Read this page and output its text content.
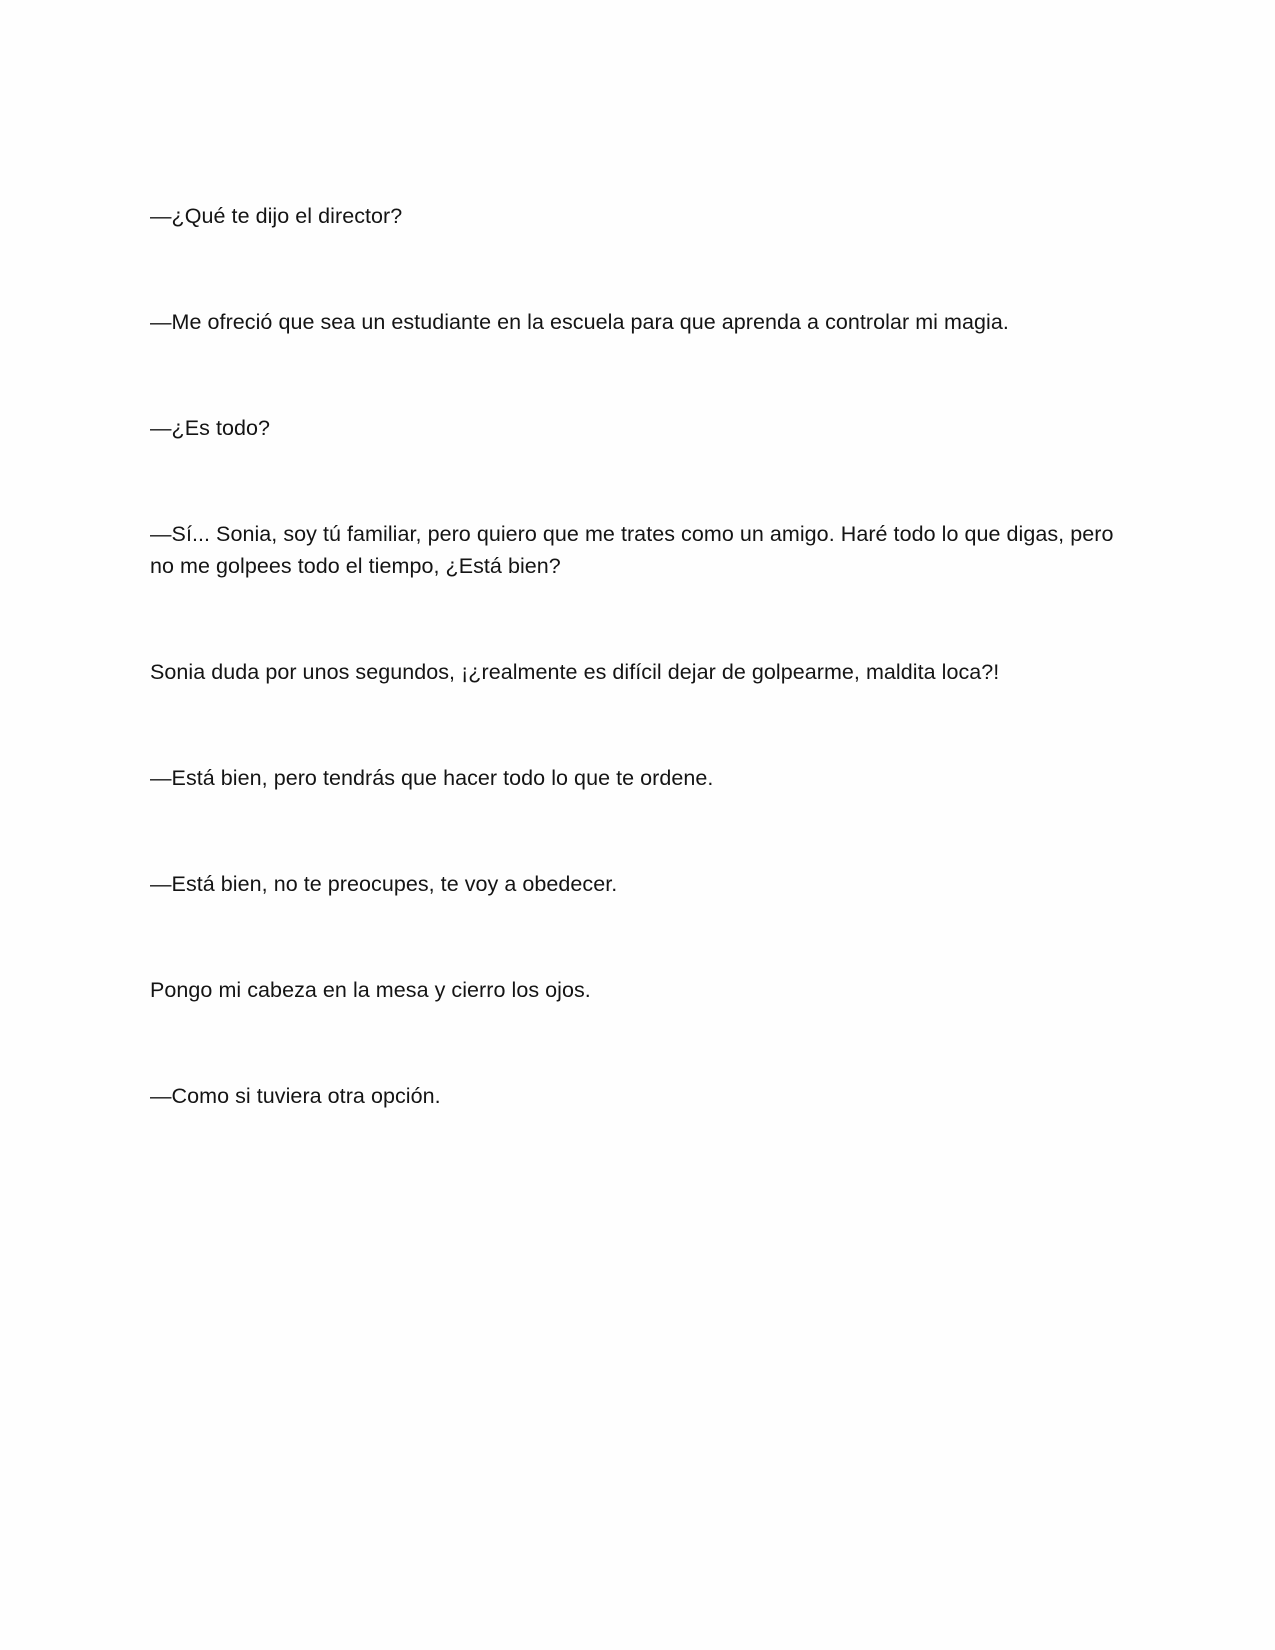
—¿Qué te dijo el director?

—Me ofreció que sea un estudiante en la escuela para que aprenda a controlar mi magia.

—¿Es todo?

—Sí... Sonia, soy tú familiar, pero quiero que me trates como un amigo. Haré todo lo que digas, pero no me golpees todo el tiempo, ¿Está bien?

Sonia duda por unos segundos, ¡¿realmente es difícil dejar de golpearme, maldita loca?!

—Está bien, pero tendrás que hacer todo lo que te ordene.

—Está bien, no te preocupes, te voy a obedecer.

Pongo mi cabeza en la mesa y cierro los ojos.

—Como si tuviera otra opción.
